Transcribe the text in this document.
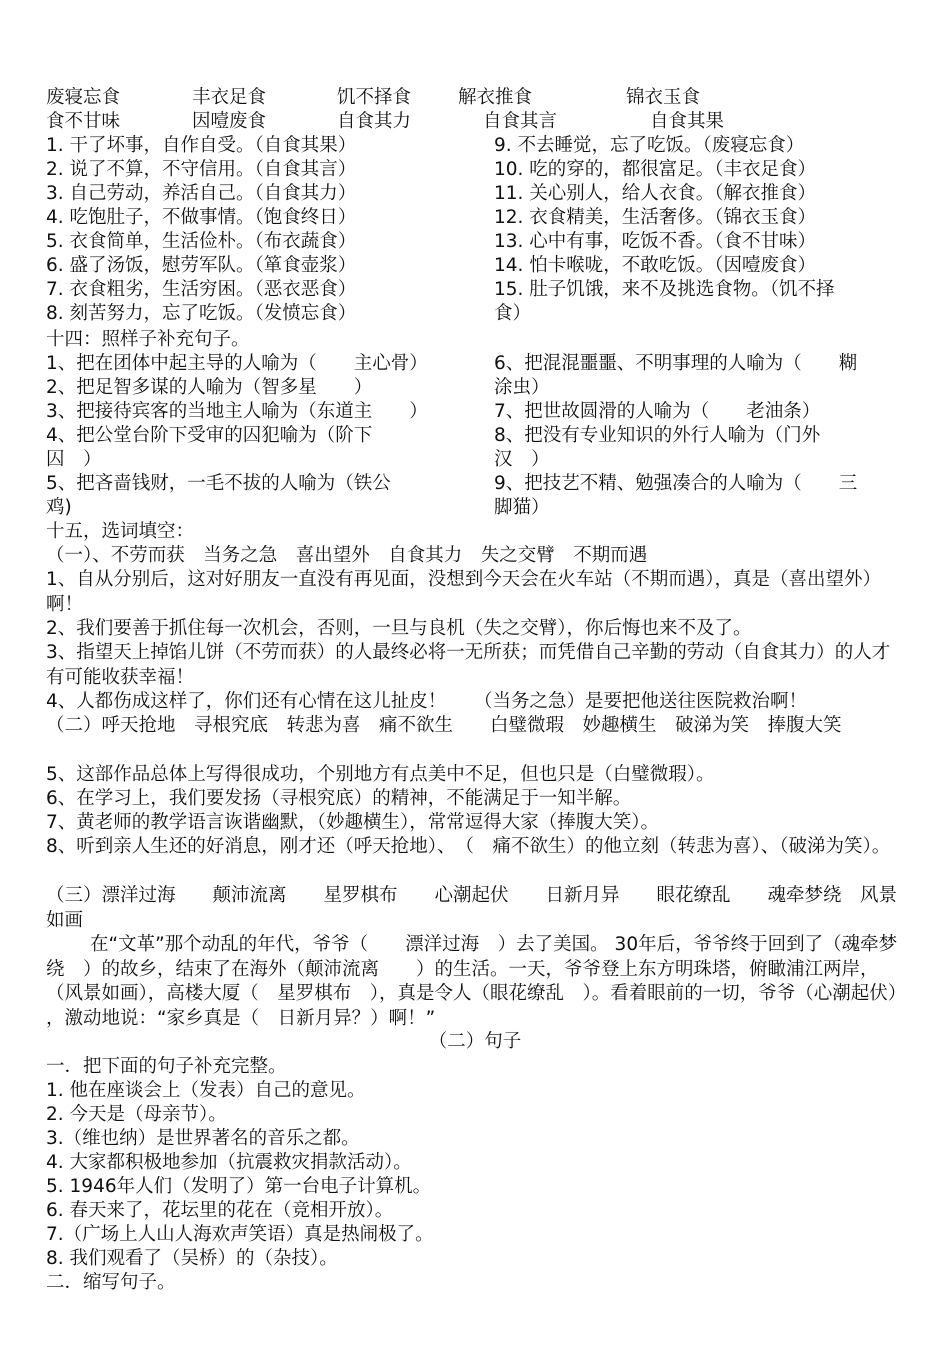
废寝忘食	丰衣足食	饥不择食	解衣推食	锦衣玉食
食不甘味	因噎废食	自食其力	自食其言	自食其果
1. 干了坏事，自作自受。（自食其果）	9. 不去睡觉，忘了吃饭。（废寝忘食）
2. 说了不算，不守信用。（自食其言）	10. 吃的穿的，都很富足。（丰衣足食）
3. 自己劳动，养活自己。（自食其力）	11. 关心别人，给人衣食。（解衣推食）
4. 吃饱肚子，不做事情。（饱食终日）	12. 衣食精美，生活奢侈。（锦衣玉食）
5. 衣食简单，生活俭朴。（布衣蔬食）	13. 心中有事，吃饭不香。（食不甘味）
6. 盛了汤饭，慰劳军队。（箪食壶浆）	14. 怕卡喉咙，不敢吃饭。（因噎废食）
7. 衣食粗劣，生活穷困。（恶衣恶食）	15. 肚子饥饿，来不及挑选食物。（饥不择
8. 刻苦努力，忘了吃饭。（发愤忘食）	食）
十四：照样子补充句子。
1、把在团体中起主导的人喻为（　　主心骨）	6、把混混噩噩、不明事理的人喻为（　　糊
2、把足智多谋的人喻为（智多星　　）	涂虫）
3、把接待宾客的当地主人喻为（东道主　　）	7、把世故圆滑的人喻为（　　老油条）
4、把公堂台阶下受审的囚犯喻为（阶下	8、把没有专业知识的外行人喻为（门外
囚　）	汉　）
5、把吝啬钱财，一毛不拔的人喻为（铁公	9、把技艺不精、勉强凑合的人喻为（　　三
鸡)	脚猫）
十五，选词填空：
（一）、不劳而获　当务之急　喜出望外　自食其力　失之交臂　不期而遇
1、自从分别后，这对好朋友一直没有再见面，没想到今天会在火车站（不期而遇），真是（喜出望外）啊！
2、我们要善于抓住每一次机会，否则，一旦与良机（失之交臂），你后悔也来不及了。
3、指望天上掉馅儿饼（不劳而获）的人最终必将一无所获；而凭借自己辛勤的劳动（自食其力）的人才有可能收获幸福！
4、人都伤成这样了，你们还有心情在这儿扯皮！　　（当务之急）是要把他送往医院救治啊！
（二）呼天抢地　寻根究底　转悲为喜　痛不欲生　　白璧微瑕　妙趣横生　破涕为笑　捧腹大笑
5、这部作品总体上写得很成功，个别地方有点美中不足，但也只是（白璧微瑕）。
6、在学习上，我们要发扬（寻根究底）的精神，不能满足于一知半解。
7、黄老师的教学语言诙谐幽默，（妙趣横生），常常逗得大家（捧腹大笑）。
8、听到亲人生还的好消息，刚才还（呼天抢地）、　（　痛不欲生）的他立刻（转悲为喜）、（破涕为笑）。
（三）漂洋过海　　颠沛流离　　星罗棋布　　心潮起伏　　日新月异　　眼花缭乱　　魂牵梦绕　风景如画
在“文革”那个动乱的年代，爷爷（　　漂洋过海　）去了美国。 30年后，爷爷终于回到了（魂牵梦绕　）的故乡，结束了在海外（颠沛流离　　）的生活。一天，爷爷登上东方明珠塔，俯瞰浦江两岸，　（风景如画），高楼大厦（　星罗棋布　），真是令人（眼花缭乱　）。看着眼前的一切，爷爷（心潮起伏）　，激动地说：“家乡真是（　日新月异？）啊！”
（二）句子
一．把下面的句子补充完整。
1. 他在座谈会上（发表）自己的意见。
2. 今天是（母亲节）。
3.（维也纳）是世界著名的音乐之都。
4. 大家都积极地参加（抗震救灾捐款活动）。
5. 1946年人们（发明了）第一台电子计算机。
6. 春天来了，花坛里的花在（竞相开放）。
7.（广场上人山人海欢声笑语）真是热闹极了。
8. 我们观看了（吴桥）的（杂技）。
二．缩写句子。
